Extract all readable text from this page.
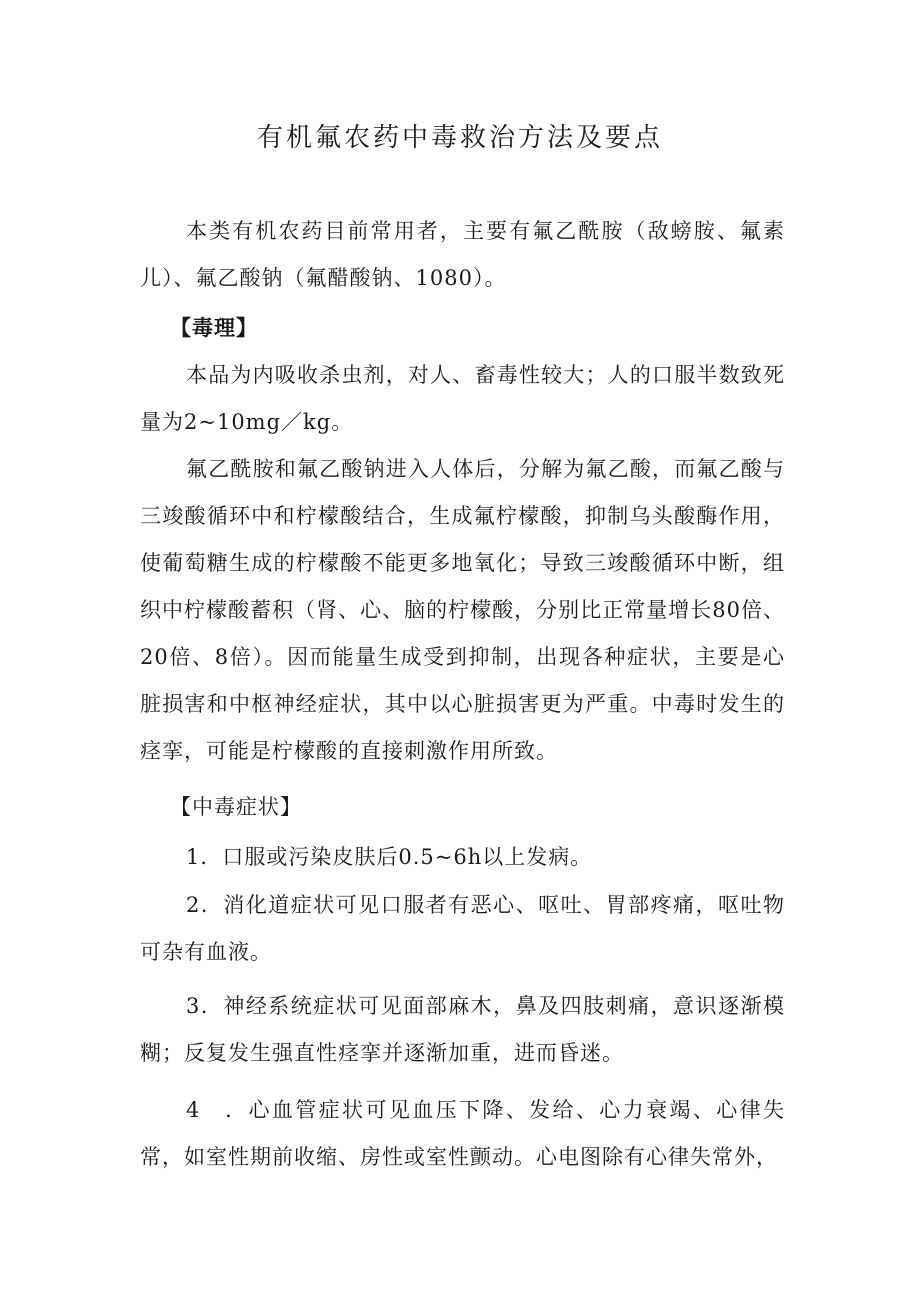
有机氟农药中毒救治方法及要点

本类有机农药目前常用者，主要有氟乙酰胺（敌螃胺、氟素儿）、氟乙酸钠（氟醋酸钠、1080）。

【毒理】

本品为内吸收杀虫剂，对人、畜毒性较大；人的口服半数致死量为2~10mg／kg。

氟乙酰胺和氟乙酸钠进入人体后，分解为氟乙酸，而氟乙酸与三竣酸循环中和柠檬酸结合，生成氟柠檬酸，抑制乌头酸酶作用，使葡萄糖生成的柠檬酸不能更多地氧化；导致三竣酸循环中断，组织中柠檬酸蓄积（肾、心、脑的柠檬酸，分别比正常量增长80倍、20倍、8倍）。因而能量生成受到抑制，出现各种症状，主要是心脏损害和中枢神经症状，其中以心脏损害更为严重。中毒时发生的痉挛，可能是柠檬酸的直接刺激作用所致。

【中毒症状】

1．口服或污染皮肤后0.5~6h以上发病。

2．消化道症状可见口服者有恶心、呕吐、胃部疼痛，呕吐物可杂有血液。

3．神经系统症状可见面部麻木，鼻及四肢刺痛，意识逐渐模糊；反复发生强直性痉挛并逐渐加重，进而昏迷。

4　．心血管症状可见血压下降、发给、心力衰竭、心律失常，如室性期前收缩、房性或室性颤动。心电图除有心律失常外，
